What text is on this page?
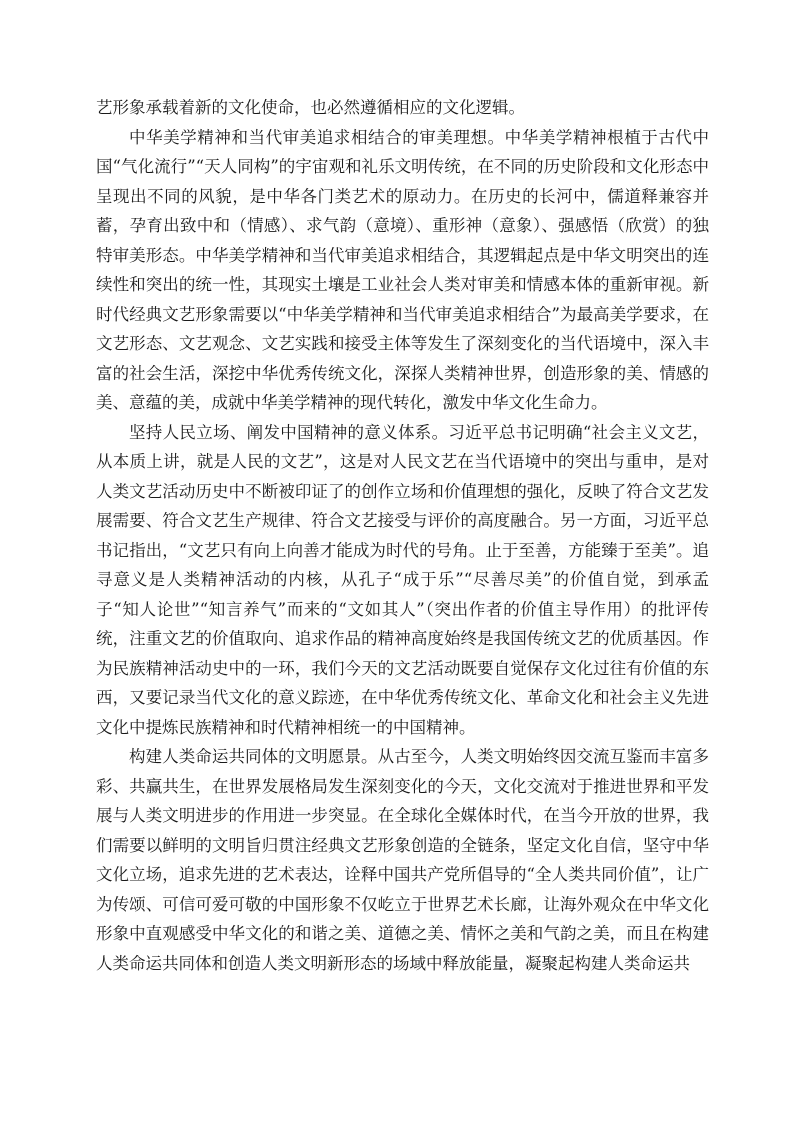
艺形象承载着新的文化使命，也必然遵循相应的文化逻辑。

中华美学精神和当代审美追求相结合的审美理想。中华美学精神根植于古代中国“气化流行”“天人同构”的宇宙观和礼乐文明传统，在不同的历史阶段和文化形态中呈现出不同的风貌，是中华各门类艺术的原动力。在历史的长河中，儒道释兼容并蓄，孕育出致中和（情感）、求气韵（意境）、重形神（意象）、强感悟（欣赏）的独特审美形态。中华美学精神和当代审美追求相结合，其逻辑起点是中华文明突出的连续性和突出的统一性，其现实土壤是工业社会人类对审美和情感本体的重新审视。新时代经典文艺形象需要以“中华美学精神和当代审美追求相结合”为最高美学要求，在文艺形态、文艺观念、文艺实践和接受主体等发生了深刻变化的当代语境中，深入丰富的社会生活，深挖中华优秀传统文化，深探人类精神世界，创造形象的美、情感的美、意蕴的美，成就中华美学精神的现代转化，激发中华文化生命力。

坚持人民立场、阐发中国精神的意义体系。习近平总书记明确“社会主义文艺，从本质上讲，就是人民的文艺”，这是对人民文艺在当代语境中的突出与重申，是对人类文艺活动历史中不断被印证了的创作立场和价值理想的强化，反映了符合文艺发展需要、符合文艺生产规律、符合文艺接受与评价的高度融合。另一方面，习近平总书记指出，“文艺只有向上向善才能成为时代的号角。止于至善，方能臻于至美”。追寻意义是人类精神活动的内核，从孔子“成于乐”“尽善尽美”的价值自觉，到承孟子“知人论世”“知言养气”而来的“文如其人”（突出作者的价值主导作用）的批评传统，注重文艺的价值取向、追求作品的精神高度始终是我国传统文艺的优质基因。作为民族精神活动史中的一环，我们今天的文艺活动既要自觉保存文化过往有价值的东西，又要记录当代文化的意义踪迹，在中华优秀传统文化、革命文化和社会主义先进文化中提炼民族精神和时代精神相统一的中国精神。

构建人类命运共同体的文明愿景。从古至今，人类文明始终因交流互鉴而丰富多彩、共赢共生，在世界发展格局发生深刻变化的今天，文化交流对于推进世界和平发展与人类文明进步的作用进一步突显。在全球化全媒体时代，在当今开放的世界，我们需要以鲜明的文明旨归贯注经典文艺形象创造的全链条，坚定文化自信，坚守中华文化立场，追求先进的艺术表达，诠释中国共产党所倡导的“全人类共同价值”，让广为传颂、可信可爱可敬的中国形象不仅屹立于世界艺术长廊，让海外观众在中华文化形象中直观感受中华文化的和谐之美、道德之美、情怀之美和气韵之美，而且在构建人类命运共同体和创造人类文明新形态的场域中释放能量，凝聚起构建人类命运共
